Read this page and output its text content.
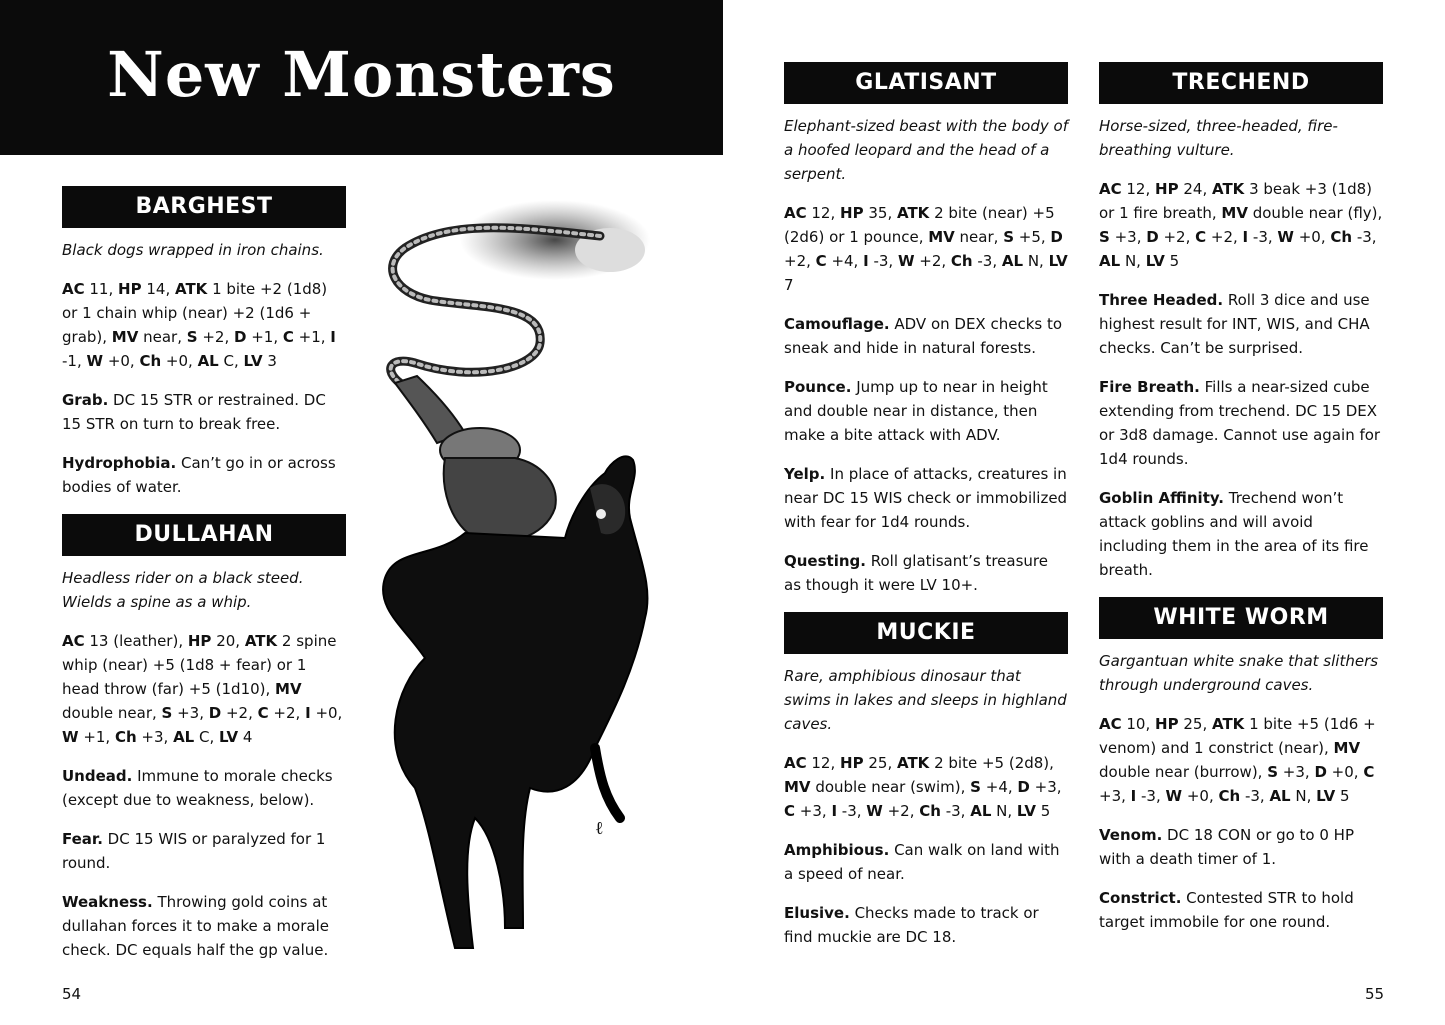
New Monsters
ℓ
BARGHEST

Black dogs wrapped in iron chains.

AC 11, HP 14, ATK 1 bite +2 (1d8) or 1 chain whip (near) +2 (1d6 + grab), MV near, S +2, D +1, C +1, I -1, W +0, Ch +0, AL C, LV 3

Grab. DC 15 STR or restrained. DC 15 STR on turn to break free.

Hydrophobia. Can’t go in or across bodies of water.

DULLAHAN

Headless rider on a black steed. Wields a spine as a whip.

AC 13 (leather), HP 20, ATK 2 spine whip (near) +5 (1d8 + fear) or 1 head throw (far) +5 (1d10), MV double near, S +3, D +2, C +2, I +0, W +1, Ch +3, AL C, LV 4

Undead. Immune to morale checks (except due to weakness, below).

Fear. DC 15 WIS or paralyzed for 1 round.

Weakness. Throwing gold coins at dullahan forces it to make a morale check. DC equals half the gp value.

GLATISANT

Elephant-sized beast with the body of a hoofed leopard and the head of a serpent.

AC 12, HP 35, ATK 2 bite (near) +5 (2d6) or 1 pounce, MV near, S +5, D +2, C +4, I -3, W +2, Ch -3, AL N, LV 7

Camouflage. ADV on DEX checks to sneak and hide in natural forests.

Pounce. Jump up to near in height and double near in distance, then make a bite attack with ADV.

Yelp. In place of attacks, creatures in near DC 15 WIS check or immobilized with fear for 1d4 rounds.

Questing. Roll glatisant’s treasure as though it were LV 10+.

MUCKIE

Rare, amphibious dinosaur that swims in lakes and sleeps in highland caves.

AC 12, HP 25, ATK 2 bite +5 (2d8), MV double near (swim), S +4, D +3, C +3, I -3, W +2, Ch -3, AL N, LV 5

Amphibious. Can walk on land with a speed of near.

Elusive. Checks made to track or find muckie are DC 18.

TRECHEND

Horse-sized, three-headed, fire-breathing vulture.

AC 12, HP 24, ATK 3 beak +3 (1d8) or 1 fire breath, MV double near (fly), S +3, D +2, C +2, I -3, W +0, Ch -3, AL N, LV 5

Three Headed. Roll 3 dice and use highest result for INT, WIS, and CHA checks. Can’t be surprised.

Fire Breath. Fills a near-sized cube extending from trechend. DC 15 DEX or 3d8 damage. Cannot use again for 1d4 rounds.

Goblin Affinity. Trechend won’t attack goblins and will avoid including them in the area of its fire breath.

WHITE WORM

Gargantuan white snake that slithers through underground caves.

AC 10, HP 25, ATK 1 bite +5 (1d6 + venom) and 1 constrict (near), MV double near (burrow), S +3, D +0, C +3, I -3, W +0, Ch -3, AL N, LV 5

Venom. DC 18 CON or go to 0 HP with a death timer of 1.

Constrict. Contested STR to hold target immobile for one round.

54	55
